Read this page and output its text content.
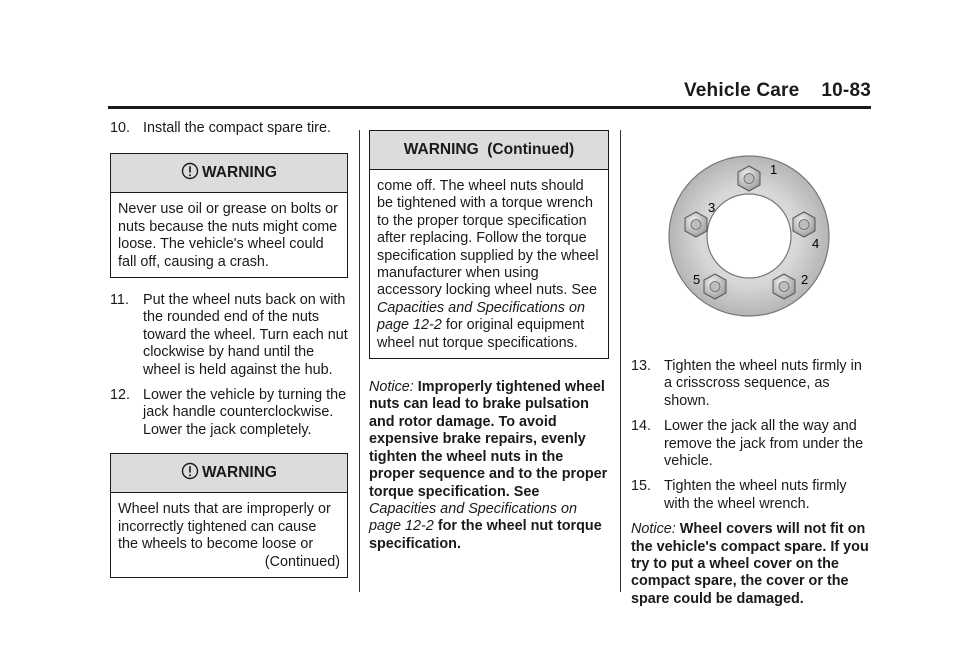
Vehicle Care 10-83
10. Install the compact spare tire.
WARNING
Never use oil or grease on bolts or nuts because the nuts might come loose. The vehicle's wheel could fall off, causing a crash.
11. Put the wheel nuts back on with the rounded end of the nuts toward the wheel. Turn each nut clockwise by hand until the wheel is held against the hub.
12. Lower the vehicle by turning the jack handle counterclockwise. Lower the jack completely.
WARNING
Wheel nuts that are improperly or incorrectly tightened can cause the wheels to become loose or
(Continued)
WARNING  (Continued)
come off. The wheel nuts should be tightened with a torque wrench to the proper torque specification after replacing. Follow the torque specification supplied by the wheel manufacturer when using accessory locking wheel nuts. See Capacities and Specifications on page 12-2 for original equipment wheel nut torque specifications.
Notice: Improperly tightened wheel nuts can lead to brake pulsation and rotor damage. To avoid expensive brake repairs, evenly tighten the wheel nuts in the proper sequence and to the proper torque specification. See Capacities and Specifications on page 12-2 for the wheel nut torque specification.
1
2
3
4
5
13. Tighten the wheel nuts firmly in a crisscross sequence, as shown.
14. Lower the jack all the way and remove the jack from under the vehicle.
15. Tighten the wheel nuts firmly with the wheel wrench.
Notice: Wheel covers will not fit on the vehicle's compact spare. If you try to put a wheel cover on the compact spare, the cover or the spare could be damaged.
